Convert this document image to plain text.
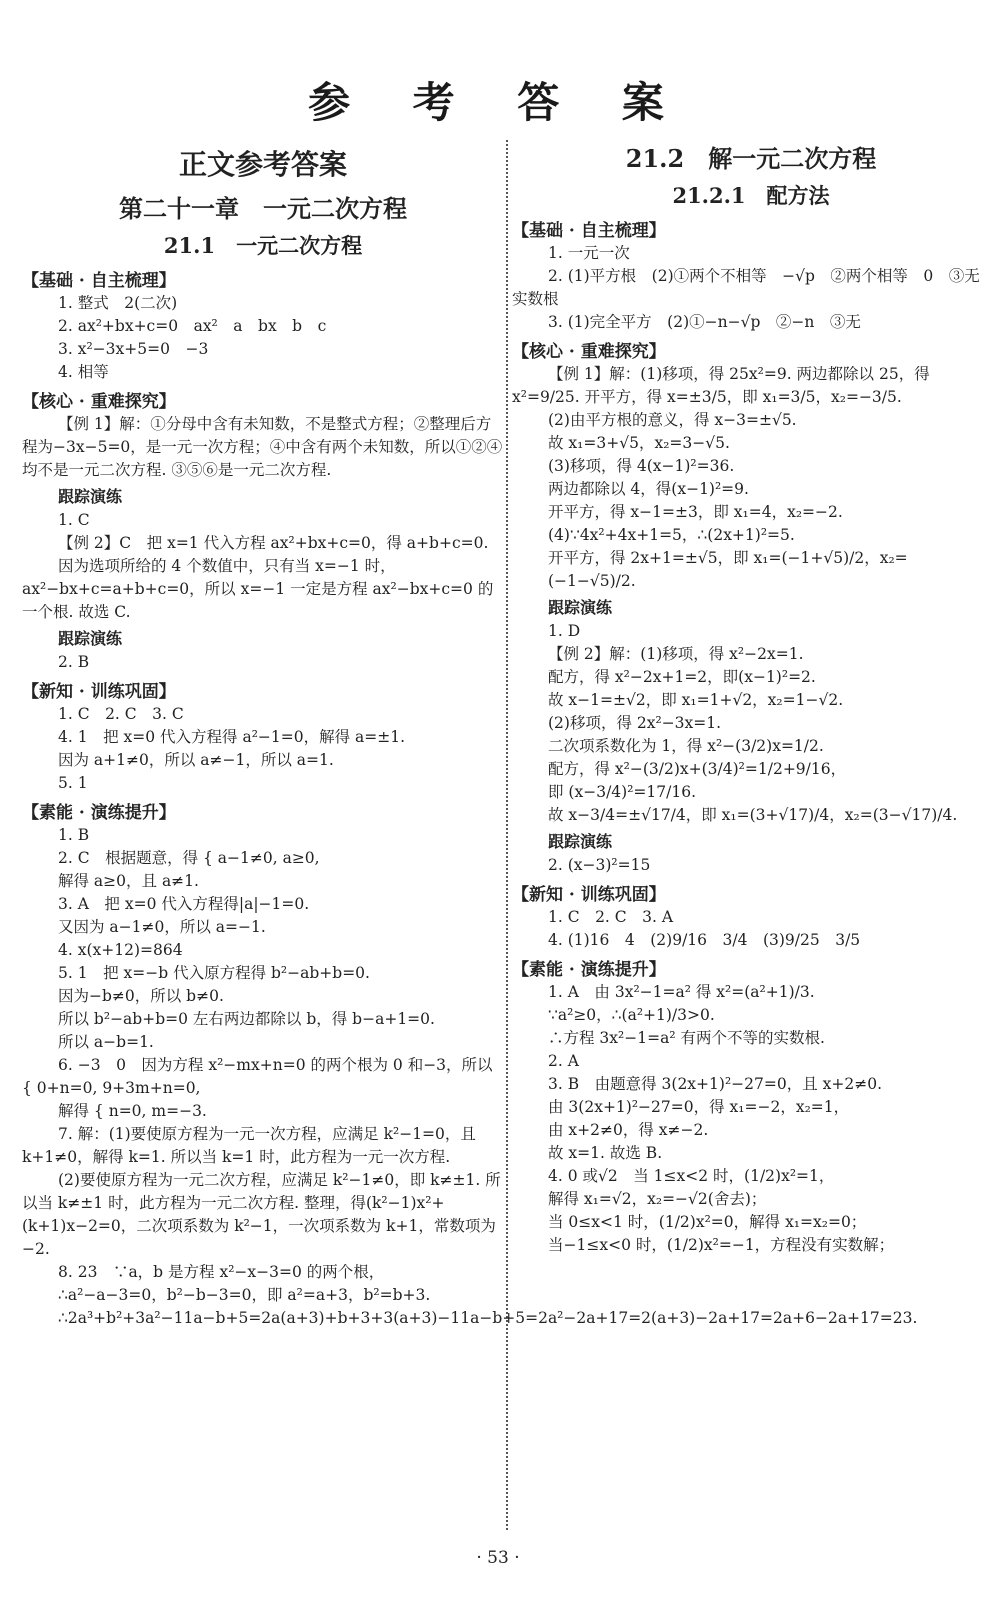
参 考 答 案
正文参考答案
第二十一章　一元二次方程
21.1　一元二次方程
【基础 · 自主梳理】

1. 整式　2(二次)

2. ax²+bx+c=0　ax²　a　bx　b　c

3. x²−3x+5=0　−3

4. 相等

【核心 · 重难探究】

【例 1】解：①分母中含有未知数，不是整式方程；②整理后方程为−3x−5=0，是一元一次方程；④中含有两个未知数，所以①②④均不是一元二次方程. ③⑤⑥是一元二次方程.

跟踪演练

1. C

【例 2】C　把 x=1 代入方程 ax²+bx+c=0，得 a+b+c=0.

因为选项所给的 4 个数值中，只有当 x=−1 时，ax²−bx+c=a+b+c=0，所以 x=−1 一定是方程 ax²−bx+c=0 的一个根. 故选 C.

跟踪演练

2. B

【新知 · 训练巩固】

1. C　2. C　3. C

4. 1　把 x=0 代入方程得 a²−1=0，解得 a=±1.

因为 a+1≠0，所以 a≠−1，所以 a=1.

5. 1

【素能 · 演练提升】

1. B

2. C　根据题意，得 { a−1≠0, a≥0,

解得 a≥0，且 a≠1.

3. A　把 x=0 代入方程得|a|−1=0.

又因为 a−1≠0，所以 a=−1.

4. x(x+12)=864

5. 1　把 x=−b 代入原方程得 b²−ab+b=0.

因为−b≠0，所以 b≠0.

所以 b²−ab+b=0 左右两边都除以 b，得 b−a+1=0.

所以 a−b=1.

6. −3　0　因为方程 x²−mx+n=0 的两个根为 0 和−3，所以 { 0+n=0, 9+3m+n=0,

解得 { n=0, m=−3.

7. 解：(1)要使原方程为一元一次方程，应满足 k²−1=0，且 k+1≠0，解得 k=1. 所以当 k=1 时，此方程为一元一次方程.

(2)要使原方程为一元二次方程，应满足 k²−1≠0，即 k≠±1. 所以当 k≠±1 时，此方程为一元二次方程. 整理，得(k²−1)x²+(k+1)x−2=0，二次项系数为 k²−1，一次项系数为 k+1，常数项为−2.

8. 23　∵a，b 是方程 x²−x−3=0 的两个根，

∴a²−a−3=0，b²−b−3=0，即 a²=a+3，b²=b+3.

∴2a³+b²+3a²−11a−b+5=2a(a+3)+b+3+3(a+3)−11a−b+5=2a²−2a+17=2(a+3)−2a+17=2a+6−2a+17=23.

21.2　解一元二次方程
21.2.1　配方法
【基础 · 自主梳理】

1. 一元一次

2. (1)平方根　(2)①两个不相等　−√p　②两个相等　0　③无实数根

3. (1)完全平方　(2)①−n−√p　②−n　③无

【核心 · 重难探究】

【例 1】解：(1)移项，得 25x²=9. 两边都除以 25，得 x²=9/25. 开平方，得 x=±3/5，即 x₁=3/5，x₂=−3/5.

(2)由平方根的意义，得 x−3=±√5.

故 x₁=3+√5，x₂=3−√5.

(3)移项，得 4(x−1)²=36.

两边都除以 4，得(x−1)²=9.

开平方，得 x−1=±3，即 x₁=4，x₂=−2.

(4)∵4x²+4x+1=5，∴(2x+1)²=5.

开平方，得 2x+1=±√5，即 x₁=(−1+√5)/2，x₂=(−1−√5)/2.

跟踪演练

1. D

【例 2】解：(1)移项，得 x²−2x=1.

配方，得 x²−2x+1=2，即(x−1)²=2.

故 x−1=±√2，即 x₁=1+√2，x₂=1−√2.

(2)移项，得 2x²−3x=1.

二次项系数化为 1，得 x²−(3/2)x=1/2.

配方，得 x²−(3/2)x+(3/4)²=1/2+9/16，

即 (x−3/4)²=17/16.

故 x−3/4=±√17/4，即 x₁=(3+√17)/4，x₂=(3−√17)/4.

跟踪演练

2. (x−3)²=15

【新知 · 训练巩固】

1. C　2. C　3. A

4. (1)16　4　(2)9/16　3/4　(3)9/25　3/5

【素能 · 演练提升】

1. A　由 3x²−1=a² 得 x²=(a²+1)/3.

∵a²≥0，∴(a²+1)/3>0.

∴方程 3x²−1=a² 有两个不等的实数根.

2. A

3. B　由题意得 3(2x+1)²−27=0，且 x+2≠0.

由 3(2x+1)²−27=0，得 x₁=−2，x₂=1，

由 x+2≠0，得 x≠−2.

故 x=1. 故选 B.

4. 0 或√2　当 1≤x<2 时，(1/2)x²=1，

解得 x₁=√2，x₂=−√2(舍去)；

当 0≤x<1 时，(1/2)x²=0，解得 x₁=x₂=0；

当−1≤x<0 时，(1/2)x²=−1，方程没有实数解；

· 53 ·
